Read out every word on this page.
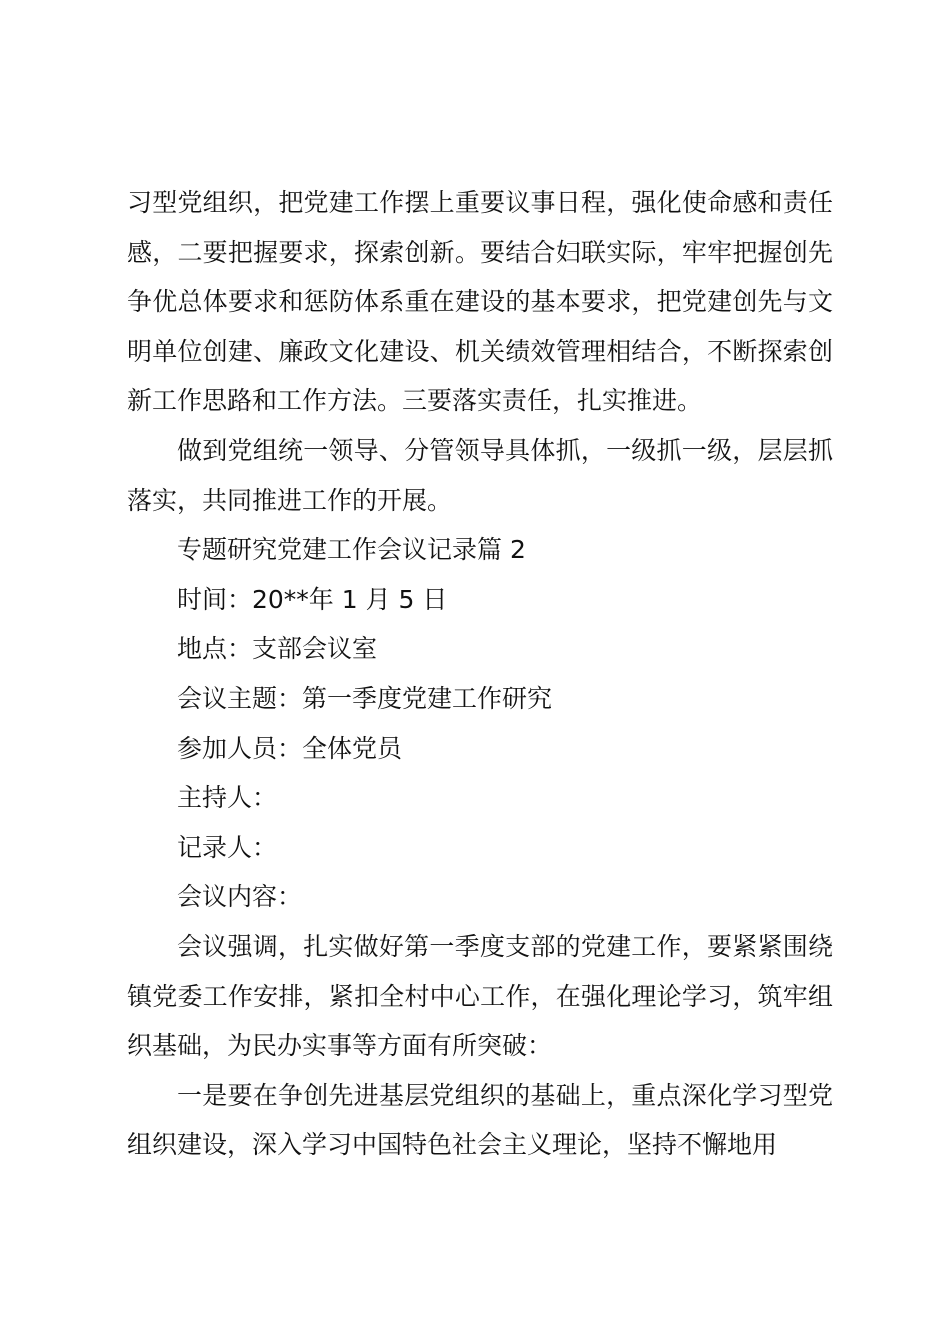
习型党组织，把党建工作摆上重要议事日程，强化使命感和责任感，二要把握要求，探索创新。要结合妇联实际，牢牢把握创先争优总体要求和惩防体系重在建设的基本要求，把党建创先与文明单位创建、廉政文化建设、机关绩效管理相结合，不断探索创新工作思路和工作方法。三要落实责任，扎实推进。

做到党组统一领导、分管领导具体抓，一级抓一级，层层抓落实，共同推进工作的开展。

专题研究党建工作会议记录篇 2

时间：20**年 1 月 5 日

地点：支部会议室

会议主题：第一季度党建工作研究

参加人员：全体党员

主持人：

记录人：

会议内容：

会议强调，扎实做好第一季度支部的党建工作，要紧紧围绕镇党委工作安排，紧扣全村中心工作，在强化理论学习，筑牢组织基础，为民办实事等方面有所突破：

一是要在争创先进基层党组织的基础上，重点深化学习型党组织建设，深入学习中国特色社会主义理论，坚持不懈地用
